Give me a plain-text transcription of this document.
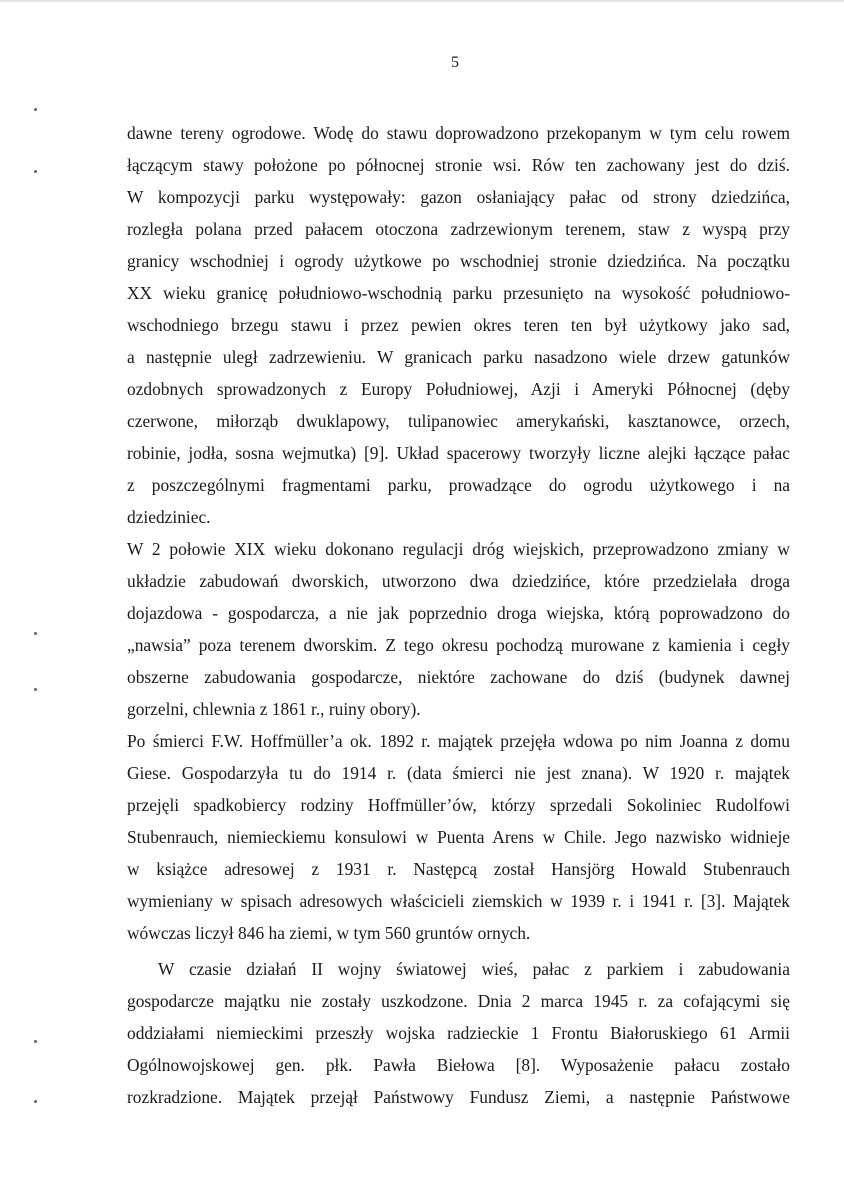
5
dawne tereny ogrodowe. Wodę do stawu doprowadzono przekopanym w tym celu rowem
łączącym stawy położone po północnej stronie wsi. Rów ten zachowany jest do dziś.
W kompozycji parku występowały: gazon osłaniający pałac od strony dziedzińca,
rozległa polana przed pałacem otoczona zadrzewionym terenem, staw z wyspą przy
granicy wschodniej i ogrody użytkowe po wschodniej stronie dziedzińca. Na początku
XX wieku granicę południowo-wschodnią parku przesunięto na wysokość południowo-
wschodniego brzegu stawu i przez pewien okres teren ten był użytkowy jako sad,
a następnie uległ zadrzewieniu. W granicach parku nasadzono wiele drzew gatunków
ozdobnych sprowadzonych z Europy Południowej, Azji i Ameryki Północnej (dęby
czerwone, miłorząb dwuklapowy, tulipanowiec amerykański, kasztanowce, orzech,
robinie, jodła, sosna wejmutka) [9]. Układ spacerowy tworzyły liczne alejki łączące pałac
z poszczególnymi fragmentami parku, prowadzące do ogrodu użytkowego i na
dziedziniec.
W 2 połowie XIX wieku dokonano regulacji dróg wiejskich, przeprowadzono zmiany w
układzie zabudowań dworskich, utworzono dwa dziedzińce, które przedzielała droga
dojazdowa - gospodarcza, a nie jak poprzednio droga wiejska, którą poprowadzono do
„nawsia” poza terenem dworskim. Z tego okresu pochodzą murowane z kamienia i cegły
obszerne zabudowania gospodarcze, niektóre zachowane do dziś (budynek dawnej
gorzelni, chlewnia z 1861 r., ruiny obory).
Po śmierci F.W. Hoffmüller’a ok. 1892 r. majątek przejęła wdowa po nim Joanna z domu
Giese. Gospodarzyła tu do 1914 r. (data śmierci nie jest znana). W 1920 r. majątek
przejęli spadkobiercy rodziny Hoffmüller’ów, którzy sprzedali Sokoliniec Rudolfowi
Stubenrauch, niemieckiemu konsulowi w Puenta Arens w Chile. Jego nazwisko widnieje
w książce adresowej z 1931 r. Następcą został Hansjörg Howald Stubenrauch
wymieniany w spisach adresowych właścicieli ziemskich w 1939 r. i 1941 r. [3]. Majątek
wówczas liczył 846 ha ziemi, w tym 560 gruntów ornych.
W czasie działań II wojny światowej wieś, pałac z parkiem i zabudowania
gospodarcze majątku nie zostały uszkodzone. Dnia 2 marca 1945 r. za cofającymi się
oddziałami niemieckimi przeszły wojska radzieckie 1 Frontu Białoruskiego 61 Armii
Ogólnowojskowej gen. płk. Pawła Biełowa [8]. Wyposażenie pałacu zostało
rozkradzione. Majątek przejął Państwowy Fundusz Ziemi, a następnie Państwowe
